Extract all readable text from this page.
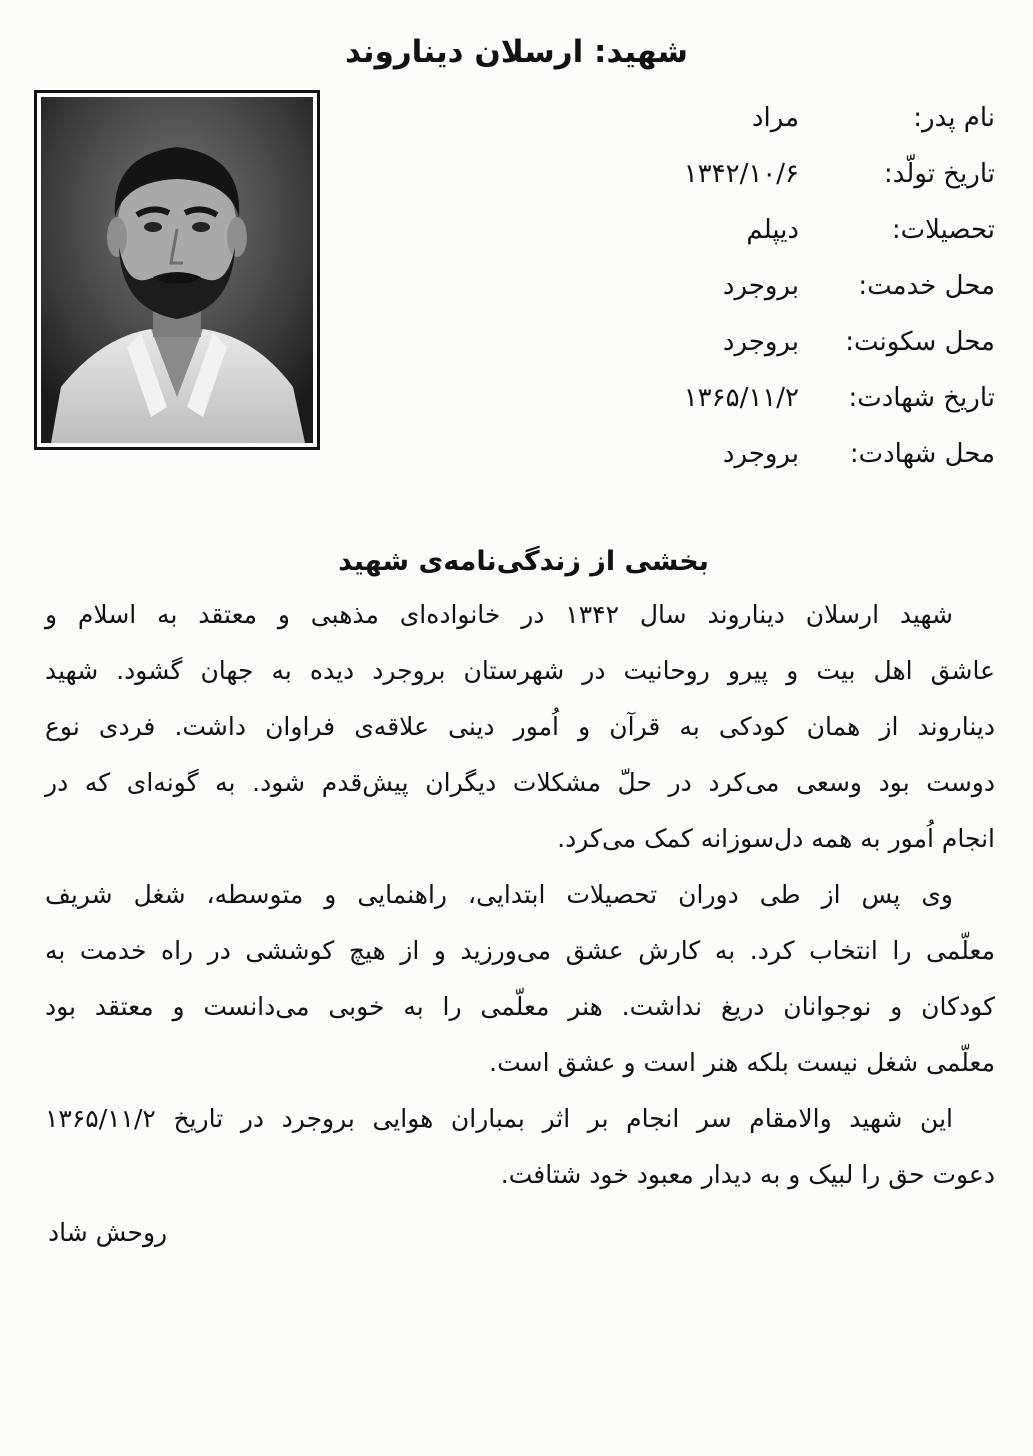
شهید: ارسلان دیناروند
نام پدر:
مراد
تاریخ تولّد:
۱۳۴۲/۱۰/۶
تحصیلات:
دیپلم
محل خدمت:
بروجرد
محل سکونت:
بروجرد
تاریخ شهادت:
۱۳۶۵/۱۱/۲
محل شهادت:
بروجرد
بخشی از زندگی‌نامه‌ی شهید
شهید ارسلان دیناروند سال ۱۳۴۲ در خانواده‌ای مذهبی و معتقد به اسلام و
عاشق اهل بیت و پیرو روحانیت در شهرستان بروجرد دیده به جهان گشود. شهید
دیناروند از همان کودکی به قرآن و اُمور دینی علاقه‌ی فراوان داشت. فردی نوع
دوست بود وسعی می‌کرد در حلّ مشکلات دیگران پیش‌قدم شود. به گونه‌ای که در
انجام اُمور به همه دل‌سوزانه کمک می‌کرد.
وی پس از طی دوران تحصیلات ابتدایی، راهنمایی و متوسطه، شغل شریف
معلّمی را انتخاب کرد. به کارش عشق می‌ورزید و از هیچ کوششی در راه خدمت به
کودکان و نوجوانان دریغ نداشت. هنر معلّمی را به خوبی می‌دانست و معتقد بود
معلّمی شغل نیست بلکه هنر است و عشق است.
این شهید والامقام سر انجام بر اثر بمباران هوایی بروجرد در تاریخ ۱۳۶۵/۱۱/۲
دعوت حق را لبیک و به دیدار معبود خود شتافت.
روحش شاد
